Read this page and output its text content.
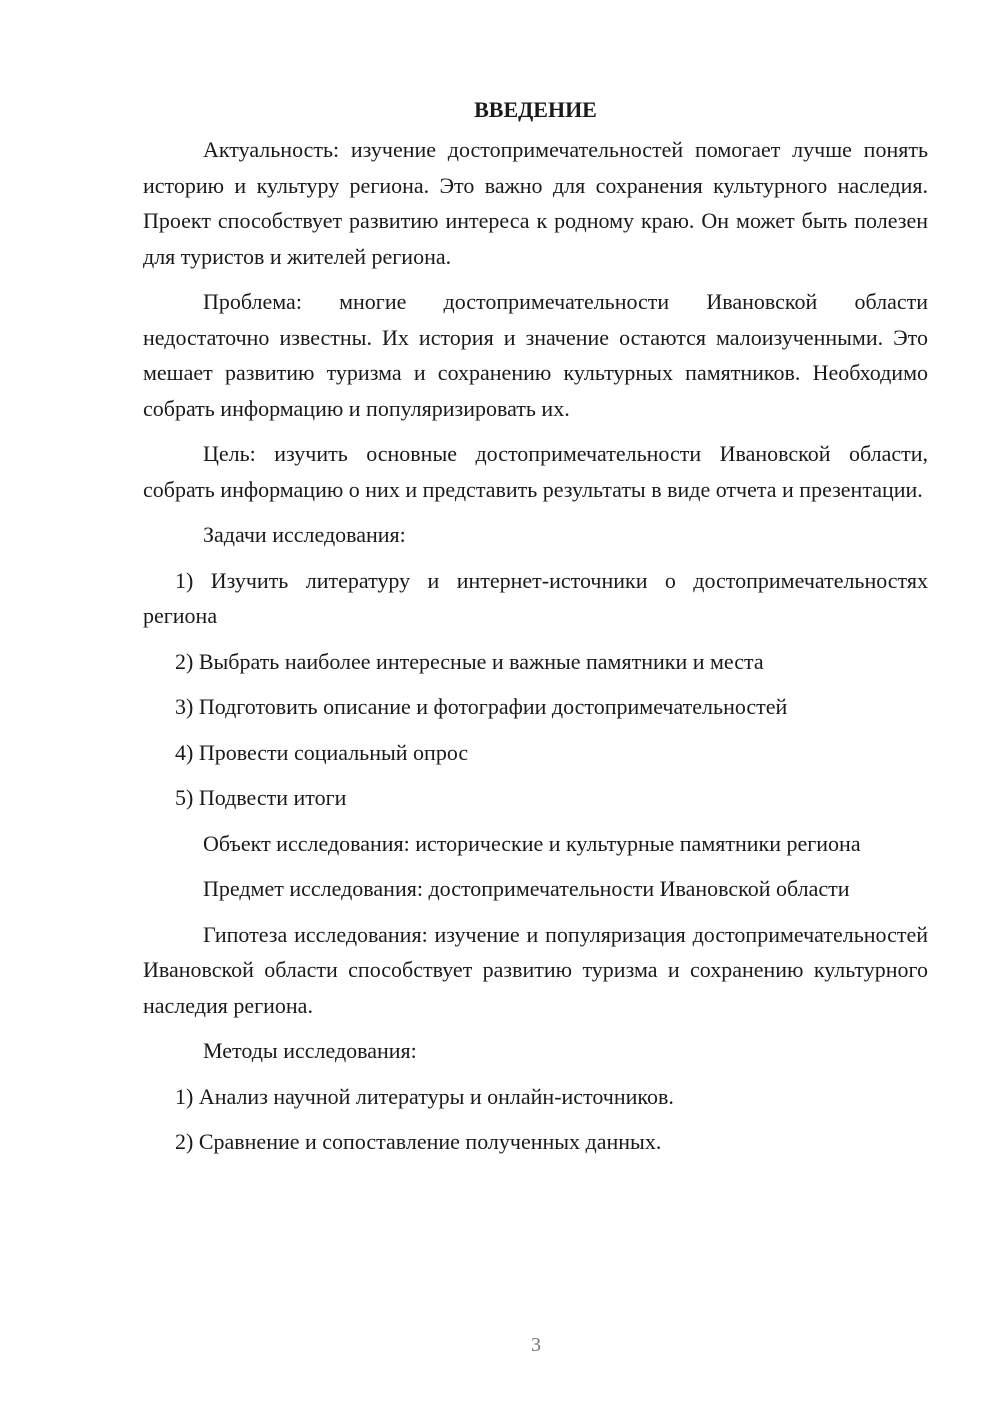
ВВЕДЕНИЕ

Актуальность: изучение достопримечательностей помогает лучше понять историю и культуру региона. Это важно для сохранения культурного наследия. Проект способствует развитию интереса к родному краю. Он может быть полезен для туристов и жителей региона.

Проблема: многие достопримечательности Ивановской области недостаточно известны. Их история и значение остаются малоизученными. Это мешает развитию туризма и сохранению культурных памятников. Необходимо собрать информацию и популяризировать их.

Цель: изучить основные достопримечательности Ивановской области, собрать информацию о них и представить результаты в виде отчета и презентации.

Задачи исследования:

1) Изучить литературу и интернет-источники о достопримечательностях региона

2) Выбрать наиболее интересные и важные памятники и места

3) Подготовить описание и фотографии достопримечательностей

4) Провести социальный опрос

5) Подвести итоги

Объект исследования: исторические и культурные памятники региона

Предмет исследования: достопримечательности Ивановской области

Гипотеза исследования: изучение и популяризация достопримечательностей Ивановской области способствует развитию туризма и сохранению культурного наследия региона.

Методы исследования:

1) Анализ научной литературы и онлайн-источников.

2) Сравнение и сопоставление полученных данных.

3
